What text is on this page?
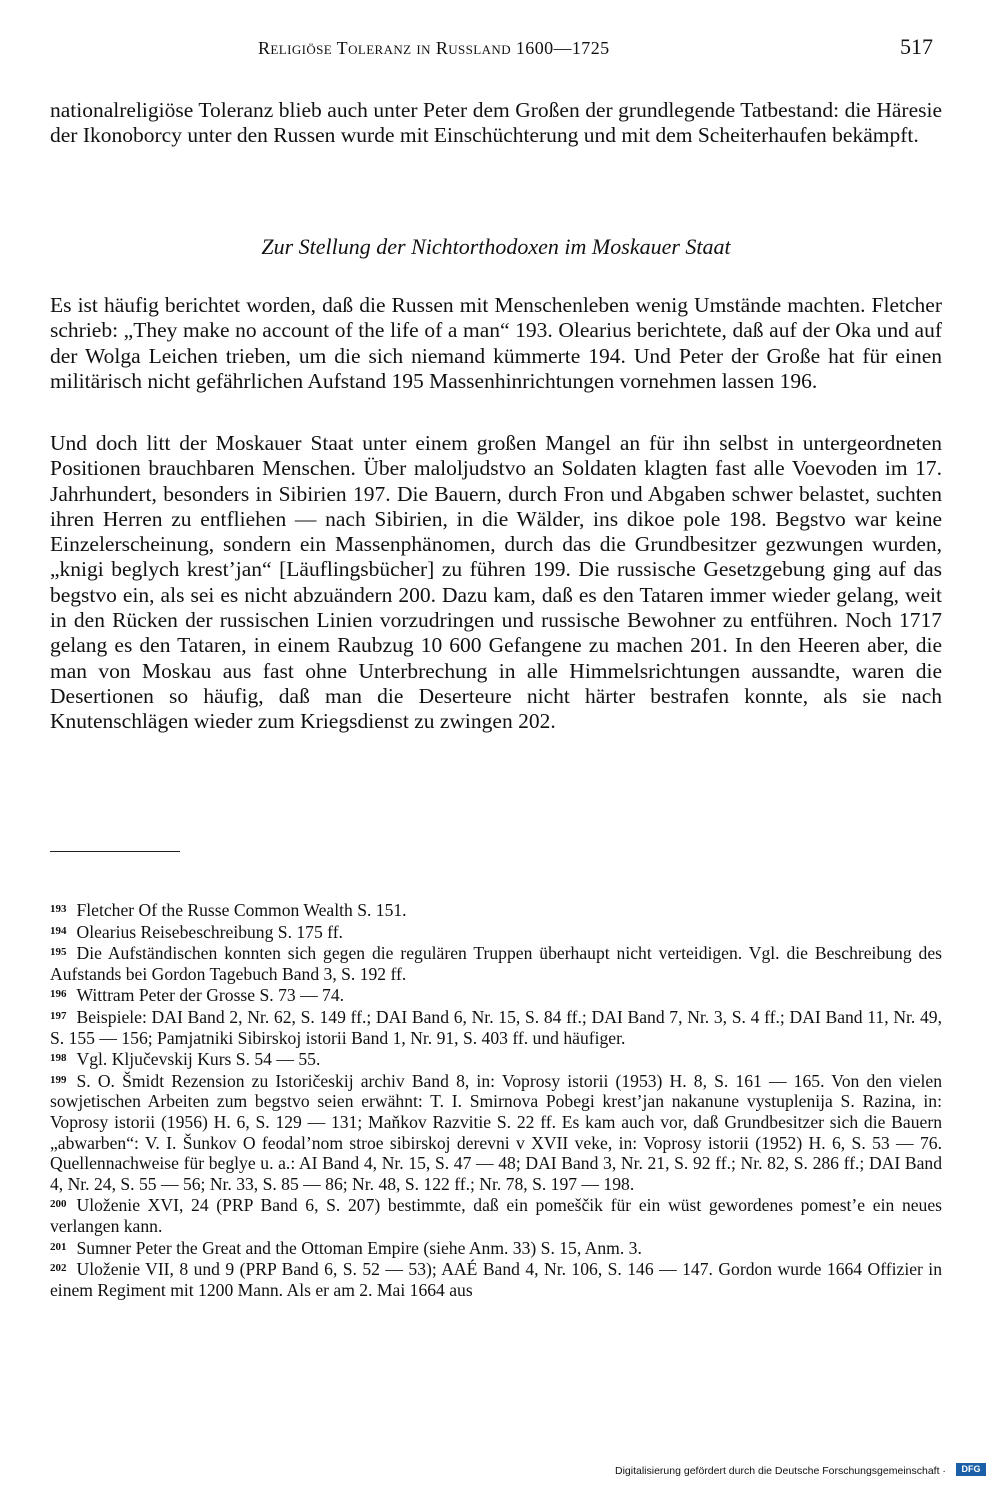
Religiöse Toleranz in Russland 1600—1725	517

nationalreligiöse Toleranz blieb auch unter Peter dem Großen der grundlegende Tatbestand: die Häresie der Ikonoborcy unter den Russen wurde mit Einschüchterung und mit dem Scheiterhaufen bekämpft.

Zur Stellung der Nichtorthodoxen im Moskauer Staat

Es ist häufig berichtet worden, daß die Russen mit Menschenleben wenig Umstände machten. Fletcher schrieb: „They make no account of the life of a man“ 193. Olearius berichtete, daß auf der Oka und auf der Wolga Leichen trieben, um die sich niemand kümmerte 194. Und Peter der Große hat für einen militärisch nicht gefährlichen Aufstand 195 Massenhinrichtungen vornehmen lassen 196.

Und doch litt der Moskauer Staat unter einem großen Mangel an für ihn selbst in untergeordneten Positionen brauchbaren Menschen. Über maloljudstvo an Soldaten klagten fast alle Voevoden im 17. Jahrhundert, besonders in Sibirien 197. Die Bauern, durch Fron und Abgaben schwer belastet, suchten ihren Herren zu entfliehen — nach Sibirien, in die Wälder, ins dikoe pole 198. Begstvo war keine Einzelerscheinung, sondern ein Massenphänomen, durch das die Grundbesitzer gezwungen wurden, „knigi beglych krest’jan“ [Läuflingsbücher] zu führen 199. Die russische Gesetzgebung ging auf das begstvo ein, als sei es nicht abzuändern 200. Dazu kam, daß es den Tataren immer wieder gelang, weit in den Rücken der russischen Linien vorzudringen und russische Bewohner zu entführen. Noch 1717 gelang es den Tataren, in einem Raubzug 10 600 Gefangene zu machen 201. In den Heeren aber, die man von Moskau aus fast ohne Unterbrechung in alle Himmelsrichtungen aussandte, waren die Desertionen so häufig, daß man die Deserteure nicht härter bestrafen konnte, als sie nach Knutenschlägen wieder zum Kriegsdienst zu zwingen 202.

$^{193}$ Fletcher Of the Russe Common Wealth S. 151.

$^{194}$ Olearius Reisebeschreibung S. 175 ff.

$^{195}$ Die Aufständischen konnten sich gegen die regulären Truppen überhaupt nicht verteidigen. Vgl. die Beschreibung des Aufstands bei Gordon Tagebuch Band 3, S. 192 ff.

$^{196}$ Wittram Peter der Grosse S. 73 — 74.

$^{197}$ Beispiele: DAI Band 2, Nr. 62, S. 149 ff.; DAI Band 6, Nr. 15, S. 84 ff.; DAI Band 7, Nr. 3, S. 4 ff.; DAI Band 11, Nr. 49, S. 155 — 156; Pamjatniki Sibirskoj istorii Band 1, Nr. 91, S. 403 ff. und häufiger.

$^{198}$ Vgl. Ključevskij Kurs S. 54 — 55.

$^{199}$ S. O. Šmidt Rezension zu Istoričeskij archiv Band 8, in: Voprosy istorii (1953) H. 8, S. 161 — 165. Von den vielen sowjetischen Arbeiten zum begstvo seien erwähnt: T. I. Smirnova Pobegi krest’jan nakanune vystuplenija S. Razina, in: Voprosy istorii (1956) H. 6, S. 129 — 131; Maňkov Razvitie S. 22 ff. Es kam auch vor, daß Grundbesitzer sich die Bauern „abwarben“: V. I. Šunkov O feodal’nom stroe sibirskoj derevni v XVII veke, in: Voprosy istorii (1952) H. 6, S. 53 — 76. Quellennachweise für beglye u. a.: AI Band 4, Nr. 15, S. 47 — 48; DAI Band 3, Nr. 21, S. 92 ff.; Nr. 82, S. 286 ff.; DAI Band 4, Nr. 24, S. 55 — 56; Nr. 33, S. 85 — 86; Nr. 48, S. 122 ff.; Nr. 78, S. 197 — 198.

$^{200}$ Uloženie XVI, 24 (PRP Band 6, S. 207) bestimmte, daß ein pomeščik für ein wüst gewordenes pomest’e ein neues verlangen kann.

$^{201}$ Sumner Peter the Great and the Ottoman Empire (siehe Anm. 33) S. 15, Anm. 3.

$^{202}$ Uloženie VII, 8 und 9 (PRP Band 6, S. 52 — 53); AAÉ Band 4, Nr. 106, S. 146 — 147. Gordon wurde 1664 Offizier in einem Regiment mit 1200 Mann. Als er am 2. Mai 1664 aus

Digitalisierung gefördert durch die Deutsche Forschungsgemeinschaft ·	DFG
